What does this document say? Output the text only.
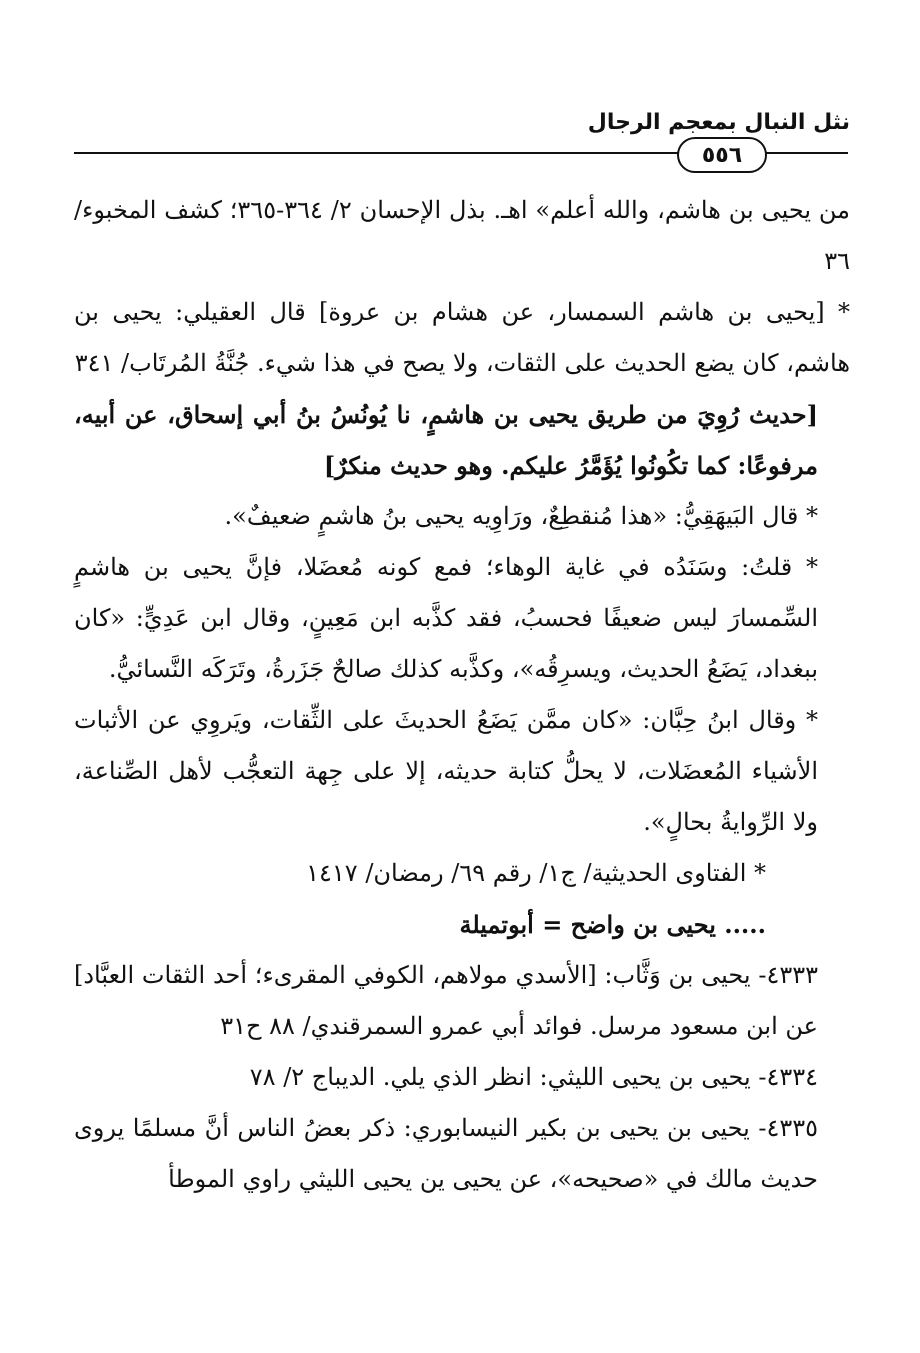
نثل النبال بمعجم الرجال
٥٥٦

من يحيى بن هاشم، والله أعلم» اهـ. بذل الإحسان ٢/ ٣٦٤-٣٦٥؛ كشف المخبوء/ ٣٦

* [يحيى بن هاشم السمسار، عن هشام بن عروة] قال العقيلي: يحيى بن هاشم، كان يضع الحديث على الثقات، ولا يصح في هذا شيء. جُنَّةُ المُرتَاب/ ٣٤١

[حديث رُوِيَ من طريق يحيى بن هاشمٍ، نا يُونُسُ بنُ أبي إسحاق، عن أبيه، مرفوعًا: كما تكُونُوا يُؤَمَّرُ عليكم. وهو حديث منكرٌ]

* قال البَيهَقِيُّ: «هذا مُنقطِعٌ، ورَاوِيه يحيى بنُ هاشمٍ ضعيفٌ».

* قلتُ: وسَنَدُه في غاية الوهاء؛ فمع كونه مُعضَلا، فإنَّ يحيى بن هاشمٍ السِّمسارَ ليس ضعيفًا فحسبُ، فقد كذَّبه ابن مَعِينٍ، وقال ابن عَدِيٍّ: «كان ببغداد، يَضَعُ الحديث، ويسرِقُه»، وكذَّبه كذلك صالحٌ جَزَرةُ، وتَرَكَه النَّسائيُّ.

* وقال ابنُ حِبَّان: «كان ممَّن يَضَعُ الحديثَ على الثِّقات، ويَروِي عن الأثبات الأشياء المُعضَلات، لا يحلُّ كتابة حديثه، إلا على جِهة التعجُّب لأهل الصِّناعة، ولا الرِّوايةُ بحالٍ».

* الفتاوى الحديثية/ ج١/ رقم ٦٩/ رمضان/ ١٤١٧

..... يحيى بن واضح = أبوتميلة

٤٣٣٣- يحيى بن وَثَّاب: [الأسدي مولاهم، الكوفي المقرىء؛ أحد الثقات العبَّاد] عن ابن مسعود مرسل. فوائد أبي عمرو السمرقندي/ ٨٨ ح٣١

٤٣٣٤- يحيى بن يحيى الليثي: انظر الذي يلي. الديباج ٢/ ٧٨

٤٣٣٥- يحيى بن يحيى بن بكير النيسابوري: ذكر بعضُ الناس أنَّ مسلمًا يروى حديث مالك في «صحيحه»، عن يحيى ين يحيى الليثي راوي الموطأ
